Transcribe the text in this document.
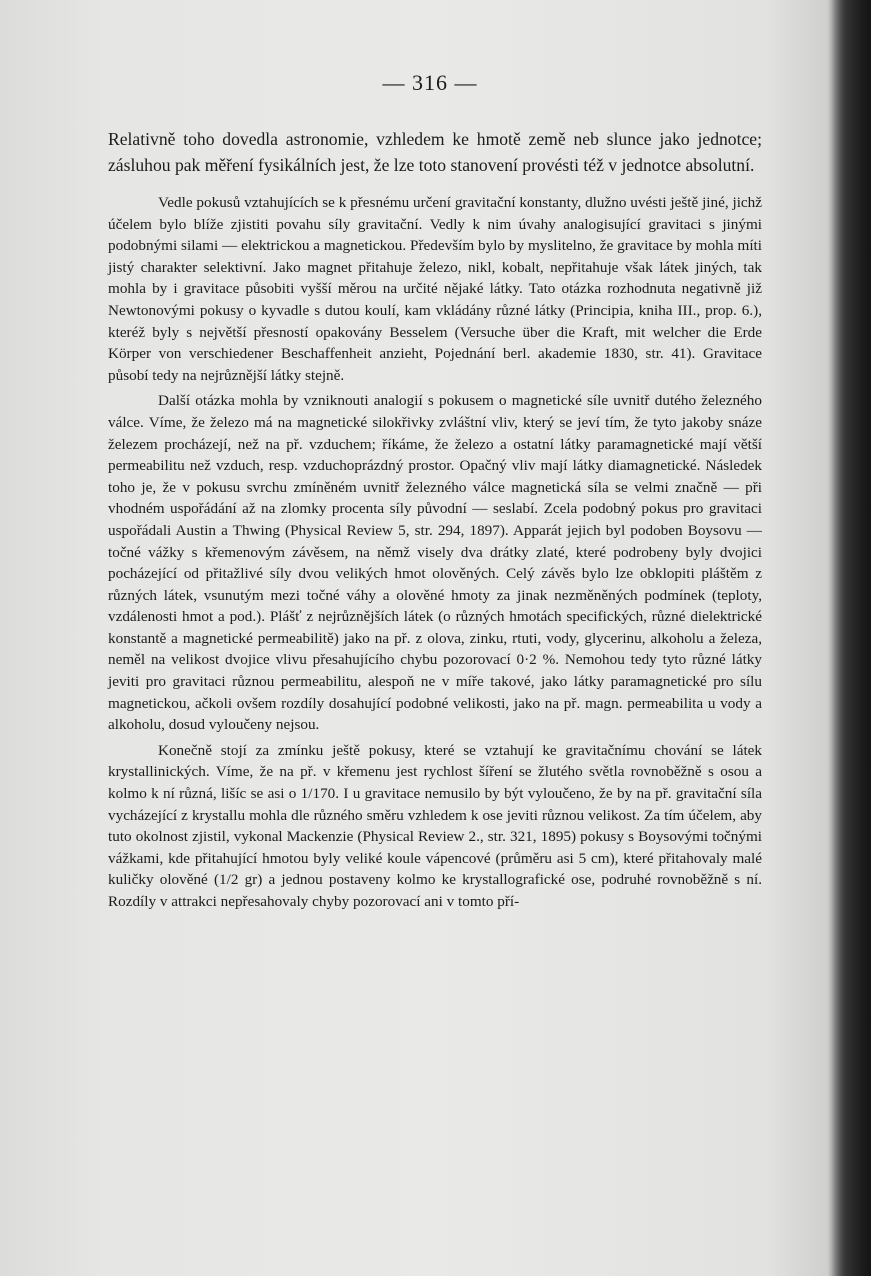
— 316 —

Relativně toho dovedla astronomie, vzhledem ke hmotě země neb slunce jako jednotce; zásluhou pak měření fysikálních jest, že lze toto stanovení provésti též v jednotce absolutní.

Vedle pokusů vztahujících se k přesnému určení gravitační konstanty, dlužno uvésti ještě jiné, jichž účelem bylo blíže zjistiti povahu síly gravitační. Vedly k nim úvahy analogisující gravitaci s jinými podobnými silami — elektrickou a magnetickou. Především bylo by myslitelno, že gravitace by mohla míti jistý charakter selektivní. Jako magnet přitahuje železo, nikl, kobalt, nepřitahuje však látek jiných, tak mohla by i gravitace působiti vyšší měrou na určité nějaké látky. Tato otázka rozhodnuta negativně již Newtonovými pokusy o kyvadle s dutou koulí, kam vkládány různé látky (Principia, kniha III., prop. 6.), kteréž byly s největší přesností opakovány Besselem (Versuche über die Kraft, mit welcher die Erde Körper von verschiedener Beschaffenheit anzieht, Pojednání berl. akademie 1830, str. 41). Gravitace působí tedy na nejrůznější látky stejně.

Další otázka mohla by vzniknouti analogií s pokusem o magnetické síle uvnitř dutého železného válce. Víme, že železo má na magnetické silokřivky zvláštní vliv, který se jeví tím, že tyto jakoby snáze železem procházejí, než na př. vzduchem; říkáme, že železo a ostatní látky paramagnetické mají větší permeabilitu než vzduch, resp. vzduchoprázdný prostor. Opačný vliv mají látky diamagnetické. Následek toho je, že v pokusu svrchu zmíněném uvnitř železného válce magnetická síla se velmi značně — při vhodném uspořádání až na zlomky procenta síly původní — seslabí. Zcela podobný pokus pro gravitaci uspořádali Austin a Thwing (Physical Review 5, str. 294, 1897). Apparát jejich byl podoben Boysovu — točné vážky s křemenovým závěsem, na němž visely dva drátky zlaté, které podrobeny byly dvojici pocházející od přitažlivé síly dvou velikých hmot olověných. Celý závěs bylo lze obklopiti pláštěm z různých látek, vsunutým mezi točné váhy a olověné hmoty za jinak nezměněných podmínek (teploty, vzdálenosti hmot a pod.). Plášť z nejrůznějších látek (o různých hmotách specifických, různé dielektrické konstantě a magnetické permeabilitě) jako na př. z olova, zinku, rtuti, vody, glycerinu, alkoholu a železa, neměl na velikost dvojice vlivu přesahujícího chybu pozorovací 0·2 %. Nemohou tedy tyto různé látky jeviti pro gravitaci různou permeabilitu, alespoň ne v míře takové, jako látky paramagnetické pro sílu magnetickou, ačkoli ovšem rozdíly dosahující podobné velikosti, jako na př. magn. permeabilita u vody a alkoholu, dosud vyloučeny nejsou.

Konečně stojí za zmínku ještě pokusy, které se vztahují ke gravitačnímu chování se látek krystallinických. Víme, že na př. v křemenu jest rychlost šíření se žlutého světla rovnoběžně s osou a kolmo k ní různá, lišíc se asi o 1/170. I u gravitace nemusilo by být vyloučeno, že by na př. gravitační síla vycházející z krystallu mohla dle různého směru vzhledem k ose jeviti různou velikost. Za tím účelem, aby tuto okolnost zjistil, vykonal Mackenzie (Physical Review 2., str. 321, 1895) pokusy s Boysovými točnými vážkami, kde přitahující hmotou byly veliké koule vápencové (průměru asi 5 cm), které přitahovaly malé kuličky olověné (1/2 gr) a jednou postaveny kolmo ke krystallografické ose, podruhé rovnoběžně s ní. Rozdíly v attrakci nepřesahovaly chyby pozorovací ani v tomto pří-
